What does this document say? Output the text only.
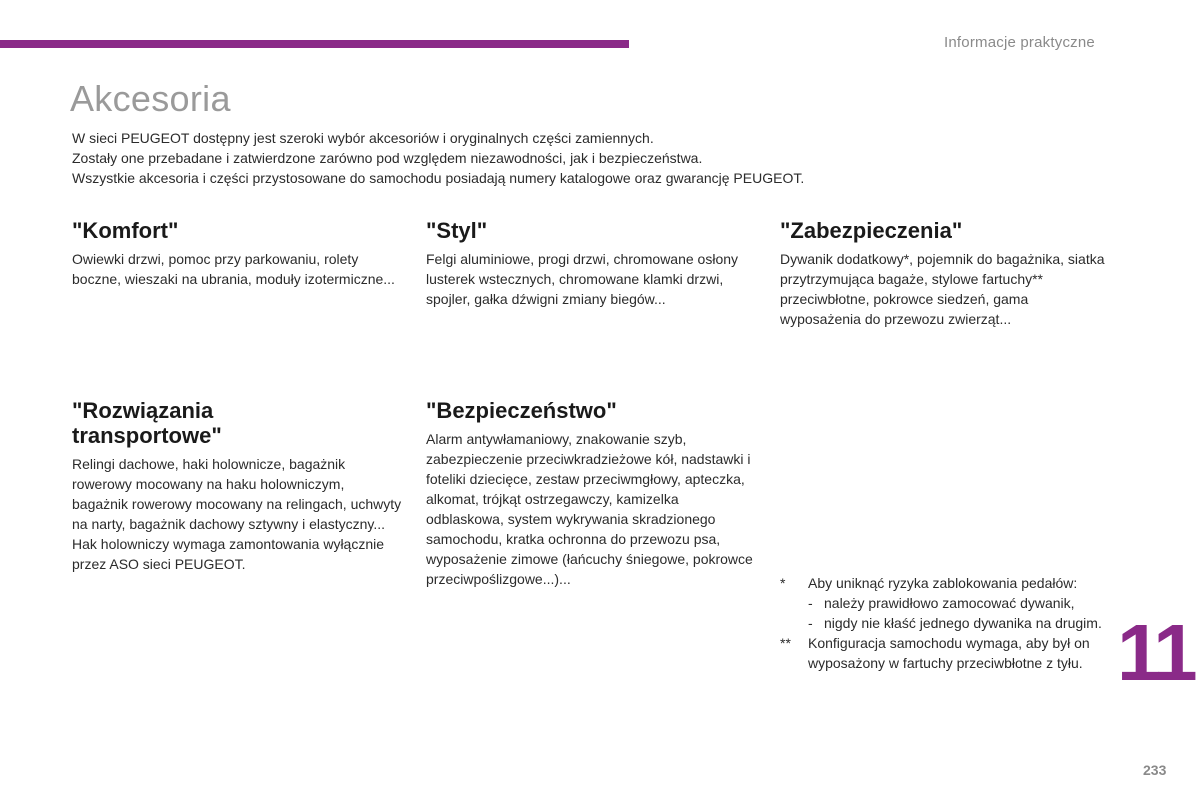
Informacje praktyczne
Akcesoria

W sieci PEUGEOT dostępny jest szeroki wybór akcesoriów i oryginalnych części zamiennych.

Zostały one przebadane i zatwierdzone zarówno pod względem niezawodności, jak i bezpieczeństwa.

Wszystkie akcesoria i części przystosowane do samochodu posiadają numery katalogowe oraz gwarancję PEUGEOT.

"Komfort"

Owiewki drzwi, pomoc przy parkowaniu, rolety boczne, wieszaki na ubrania, moduły izotermiczne...

"Styl"

Felgi aluminiowe, progi drzwi, chromowane osłony lusterek wstecznych, chromowane klamki drzwi, spojler, gałka dźwigni zmiany biegów...

"Zabezpieczenia"

Dywanik dodatkowy*, pojemnik do bagażnika, siatka przytrzymująca bagaże, stylowe fartuchy** przeciwbłotne, pokrowce siedzeń, gama wyposażenia do przewozu zwierząt...

"Rozwiązania
transportowe"

Relingi dachowe, haki holownicze, bagażnik rowerowy mocowany na haku holowniczym, bagażnik rowerowy mocowany na relingach, uchwyty na narty, bagażnik dachowy sztywny i elastyczny...

Hak holowniczy wymaga zamontowania wyłącznie przez ASO sieci PEUGEOT.

"Bezpieczeństwo"

Alarm antywłamaniowy, znakowanie szyb, zabezpieczenie przeciwkradzieżowe kół, nadstawki i foteliki dziecięce, zestaw przeciwmgłowy, apteczka, alkomat, trójkąt ostrzegawczy, kamizelka odblaskowa, system wykrywania skradzionego samochodu, kratka ochronna do przewozu psa, wyposażenie zimowe (łańcuchy śniegowe, pokrowce przeciwpoślizgowe...)...	*	Aby uniknąć ryzyka zablokowania pedałów:
- należy prawidłowo zamocować dywanik,
- nigdy nie kłaść jednego dywanika na drugim.
**	Konfiguracja samochodu wymaga, aby był on wyposażony w fartuchy przeciwbłotne z tyłu. 11
233
